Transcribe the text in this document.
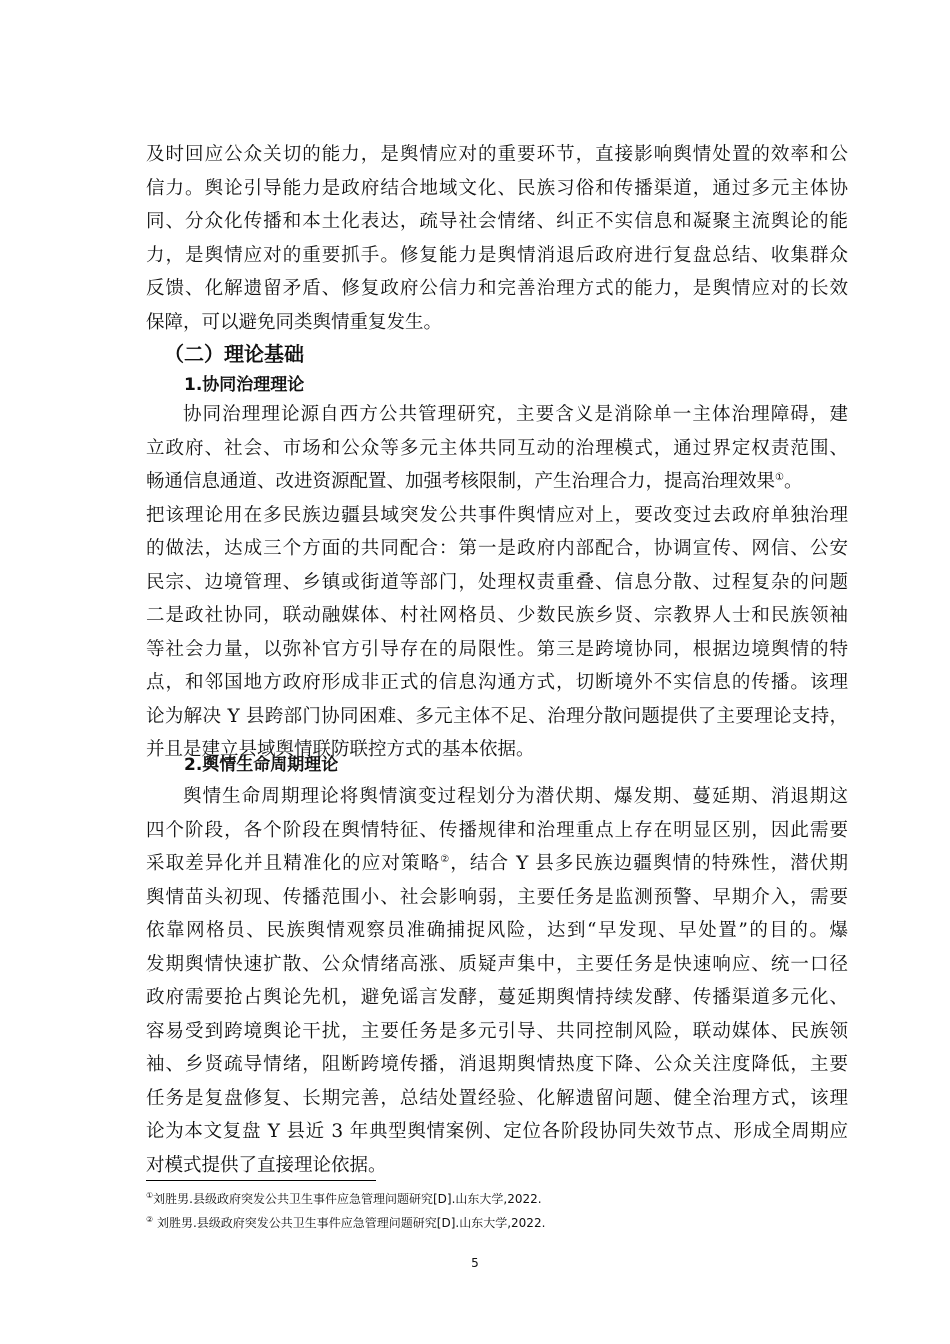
及时回应公众关切的能力，是舆情应对的重要环节，直接影响舆情处置的效率和公
信力。舆论引导能力是政府结合地域文化、民族习俗和传播渠道，通过多元主体协
同、分众化传播和本土化表达，疏导社会情绪、纠正不实信息和凝聚主流舆论的能
力，是舆情应对的重要抓手。修复能力是舆情消退后政府进行复盘总结、收集群众
反馈、化解遗留矛盾、修复政府公信力和完善治理方式的能力，是舆情应对的长效
保障，可以避免同类舆情重复发生。
（二）理论基础
1.协同治理理论
协同治理理论源自西方公共管理研究，主要含义是消除单一主体治理障碍，建
立政府、社会、市场和公众等多元主体共同互动的治理模式，通过界定权责范围、
畅通信息通道、改进资源配置、加强考核限制，产生治理合力，提高治理效果①。
把该理论用在多民族边疆县域突发公共事件舆情应对上，要改变过去政府单独治理
的做法，达成三个方面的共同配合：第一是政府内部配合，协调宣传、网信、公安
民宗、边境管理、乡镇或街道等部门，处理权责重叠、信息分散、过程复杂的问题
二是政社协同，联动融媒体、村社网格员、少数民族乡贤、宗教界人士和民族领袖
等社会力量，以弥补官方引导存在的局限性。第三是跨境协同，根据边境舆情的特
点，和邻国地方政府形成非正式的信息沟通方式，切断境外不实信息的传播。该理
论为解决 Y 县跨部门协同困难、多元主体不足、治理分散问题提供了主要理论支持，
并且是建立县域舆情联防联控方式的基本依据。
2.舆情生命周期理论
舆情生命周期理论将舆情演变过程划分为潜伏期、爆发期、蔓延期、消退期这
四个阶段，各个阶段在舆情特征、传播规律和治理重点上存在明显区别，因此需要
采取差异化并且精准化的应对策略②，结合 Y 县多民族边疆舆情的特殊性，潜伏期
舆情苗头初现、传播范围小、社会影响弱，主要任务是监测预警、早期介入，需要
依靠网格员、民族舆情观察员准确捕捉风险，达到“早发现、早处置”的目的。爆
发期舆情快速扩散、公众情绪高涨、质疑声集中，主要任务是快速响应、统一口径
政府需要抢占舆论先机，避免谣言发酵，蔓延期舆情持续发酵、传播渠道多元化、
容易受到跨境舆论干扰，主要任务是多元引导、共同控制风险，联动媒体、民族领
袖、乡贤疏导情绪，阻断跨境传播，消退期舆情热度下降、公众关注度降低，主要
任务是复盘修复、长期完善，总结处置经验、化解遗留问题、健全治理方式，该理
论为本文复盘 Y 县近 3 年典型舆情案例、定位各阶段协同失效节点、形成全周期应
对模式提供了直接理论依据。
①刘胜男.县级政府突发公共卫生事件应急管理问题研究[D].山东大学,2022.
② 刘胜男.县级政府突发公共卫生事件应急管理问题研究[D].山东大学,2022.
5
